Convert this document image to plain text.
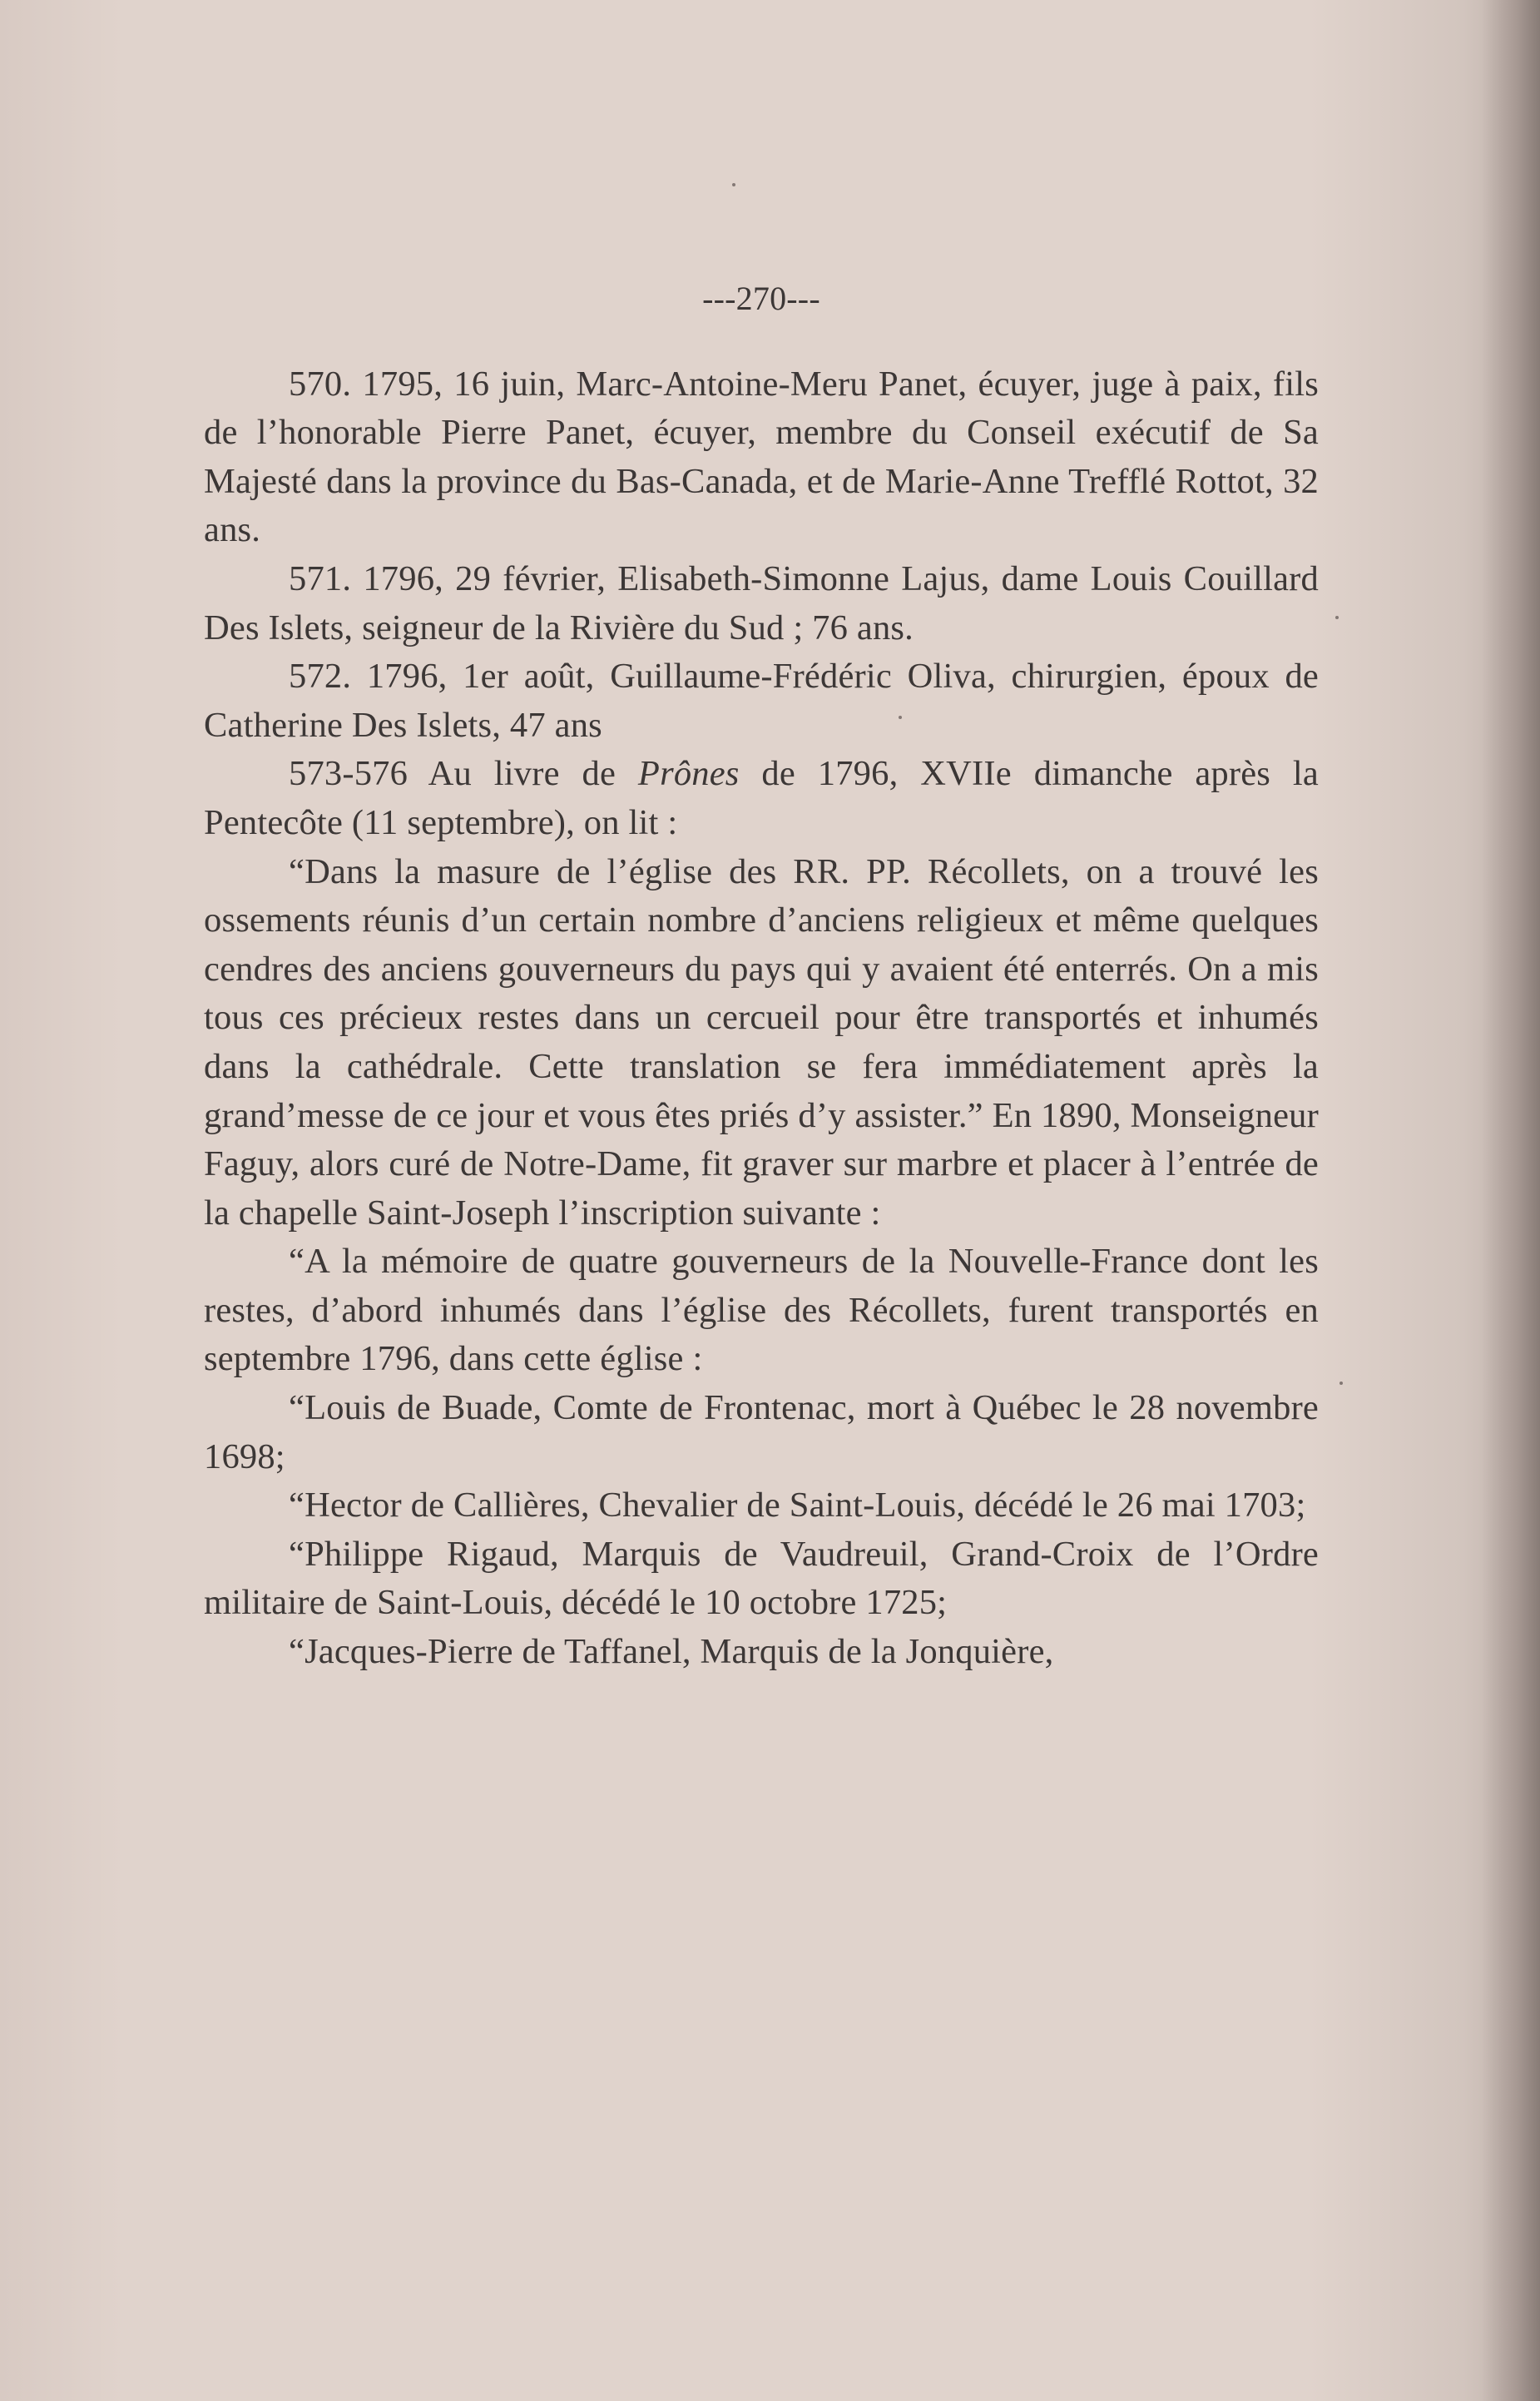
---270---

570. 1795, 16 juin, Marc-Antoine-Meru Panet, écuyer, juge à paix, fils de l’honorable Pierre Panet, écuyer, membre du Conseil exécutif de Sa Majesté dans la province du Bas-Canada, et de Marie-Anne Trefflé Rottot, 32 ans.

571. 1796, 29 février, Elisabeth-Simonne Lajus, dame Louis Couillard Des Islets, seigneur de la Rivière du Sud ; 76 ans.

572. 1796, 1er août, Guillaume-Frédéric Oliva, chirurgien, époux de Catherine Des Islets, 47 ans

573-576 Au livre de Prônes de 1796, XVIIe dimanche après la Pentecôte (11 septembre), on lit :

“Dans la masure de l’église des RR. PP. Récollets, on a trouvé les ossements réunis d’un certain nombre d’anciens religieux et même quelques cendres des anciens gouverneurs du pays qui y avaient été enterrés. On a mis tous ces précieux restes dans un cercueil pour être transportés et inhumés dans la cathédrale. Cette translation se fera immédiatement après la grand’messe de ce jour et vous êtes priés d’y assister.” En 1890, Monseigneur Faguy, alors curé de Notre-Dame, fit graver sur marbre et placer à l’entrée de la chapelle Saint-Joseph l’inscription suivante :

“A la mémoire de quatre gouverneurs de la Nouvelle-France dont les restes, d’abord inhumés dans l’église des Récollets, furent transportés en septembre 1796, dans cette église :

“Louis de Buade, Comte de Frontenac, mort à Québec le 28 novembre 1698;

“Hector de Callières, Chevalier de Saint-Louis, décédé le 26 mai 1703;

“Philippe Rigaud, Marquis de Vaudreuil, Grand-Croix de l’Ordre militaire de Saint-Louis, décédé le 10 octobre 1725;

“Jacques-Pierre de Taffanel, Marquis de la Jonquière,
